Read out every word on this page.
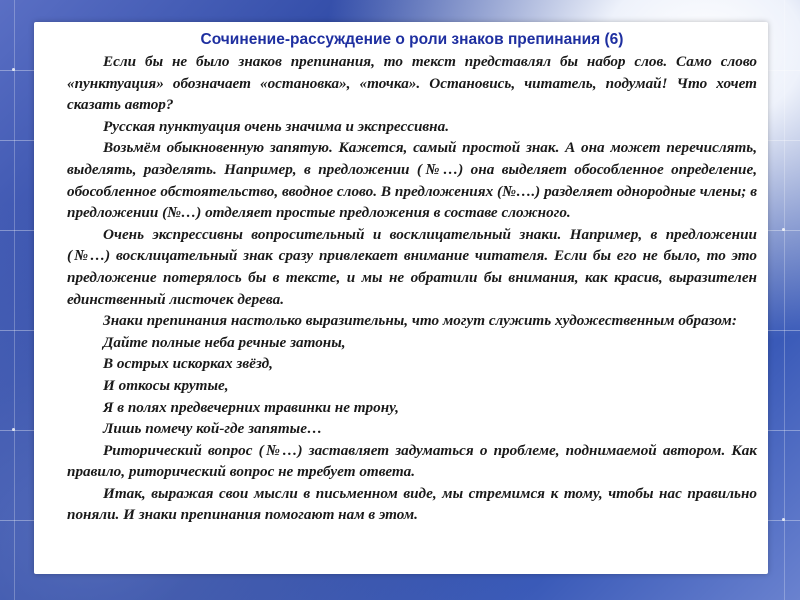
Сочинение-рассуждение о роли знаков препинания (6)

Если бы не было знаков препинания, то текст представлял бы набор слов. Само слово «пунктуация» обозначает «остановка», «точка». Остановись, читатель, подумай! Что хочет сказать автор?

Русская пунктуация очень значима и экспрессивна.

Возьмём обыкновенную запятую. Кажется, самый простой знак. А она может перечислять, выделять, разделять. Например, в предложении (№…) она выделяет обособленное определение, обособленное обстоятельство, вводное слово. В предложениях (№….) разделяет однородные члены; в предложении (№…) отделяет простые предложения в составе сложного.

Очень экспрессивны вопросительный и восклицательный знаки. Например, в предложении (№…) восклицательный знак сразу привлекает внимание читателя. Если бы его не было, то это предложение потерялось бы в тексте, и мы не обратили бы внимания, как красив, выразителен единственный листочек дерева.

Знаки препинания настолько выразительны, что могут служить художественным образом:

Дайте полные неба речные затоны,

В острых искорках звёзд,

И откосы крутые,

Я в полях предвечерних травинки не трону,

Лишь помечу кой-где запятые…

Риторический вопрос (№…) заставляет задуматься о проблеме, поднимаемой автором. Как правило, риторический вопрос не требует ответа.

Итак, выражая свои мысли в письменном виде, мы стремимся к тому, чтобы нас правильно поняли. И знаки препинания помогают нам в этом.
